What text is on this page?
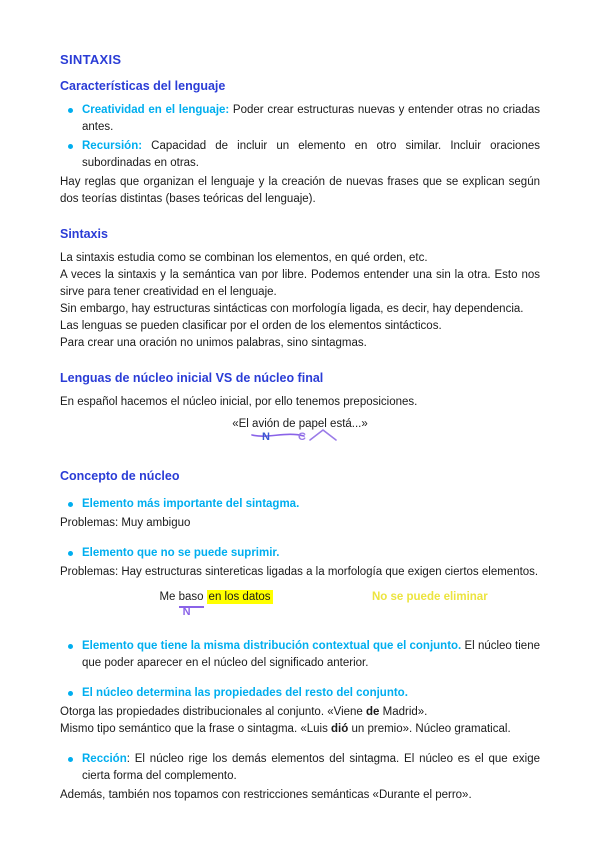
SINTAXIS
Características del lenguaje

Creatividad en el lenguaje: Poder crear estructuras nuevas y entender otras no criadas antes.

Recursión: Capacidad de incluir un elemento en otro similar. Incluir oraciones subordinadas en otras.

Hay reglas que organizan el lenguaje y la creación de nuevas frases que se explican según dos teorías distintas (bases teóricas del lenguaje).

Sintaxis

La sintaxis estudia como se combinan los elementos, en qué orden, etc.

A veces la sintaxis y la semántica van por libre. Podemos entender una sin la otra. Esto nos sirve para tener creatividad en el lenguaje.

Sin embargo, hay estructuras sintácticas con morfología ligada, es decir, hay dependencia.

Las lenguas se pueden clasificar por el orden de los elementos sintácticos.

Para crear una oración no unimos palabras, sino sintagmas.

Lenguas de núcleo inicial VS de núcleo final

En español hacemos el núcleo inicial, por ello tenemos preposiciones.

«El avión de papel está...»

N	C
Concepto de núcleo

Elemento más importante del sintagma.

Problemas: Muy ambiguo

Elemento que no se puede suprimir.

Problemas: Hay estructuras sintereticas ligadas a la morfología que exigen ciertos elementos.

Me baso
N
en los datos	No se puede eliminar

Elemento que tiene la misma distribución contextual que el conjunto. El núcleo tiene que poder aparecer en el núcleo del significado anterior.

El núcleo determina las propiedades del resto del conjunto.

Otorga las propiedades distribucionales al conjunto. «Viene de Madrid».

Mismo tipo semántico que la frase o sintagma. «Luis dió un premio». Núcleo gramatical.

Rección: El núcleo rige los demás elementos del sintagma. El núcleo es el que exige cierta forma del complemento.

Además, también nos topamos con restricciones semánticas «Durante el perro».
